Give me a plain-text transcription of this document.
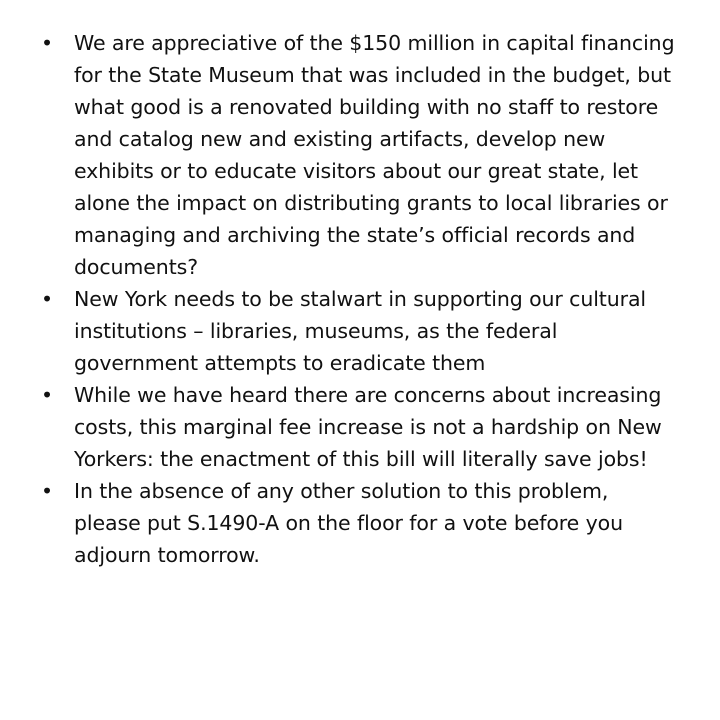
• We are appreciative of the $150 million in capital financing for the State Museum that was included in the budget, but what good is a renovated building with no staff to restore and catalog new and existing artifacts, develop new exhibits or to educate visitors about our great state, let alone the impact on distributing grants to local libraries or managing and archiving the state’s official records and documents?
• New York needs to be stalwart in supporting our cultural institutions – libraries, museums, as the federal government attempts to eradicate them
• While we have heard there are concerns about increasing costs, this marginal fee increase is not a hardship on New Yorkers: the enactment of this bill will literally save jobs!
• In the absence of any other solution to this problem, please put S.1490-A on the floor for a vote before you adjourn tomorrow.
